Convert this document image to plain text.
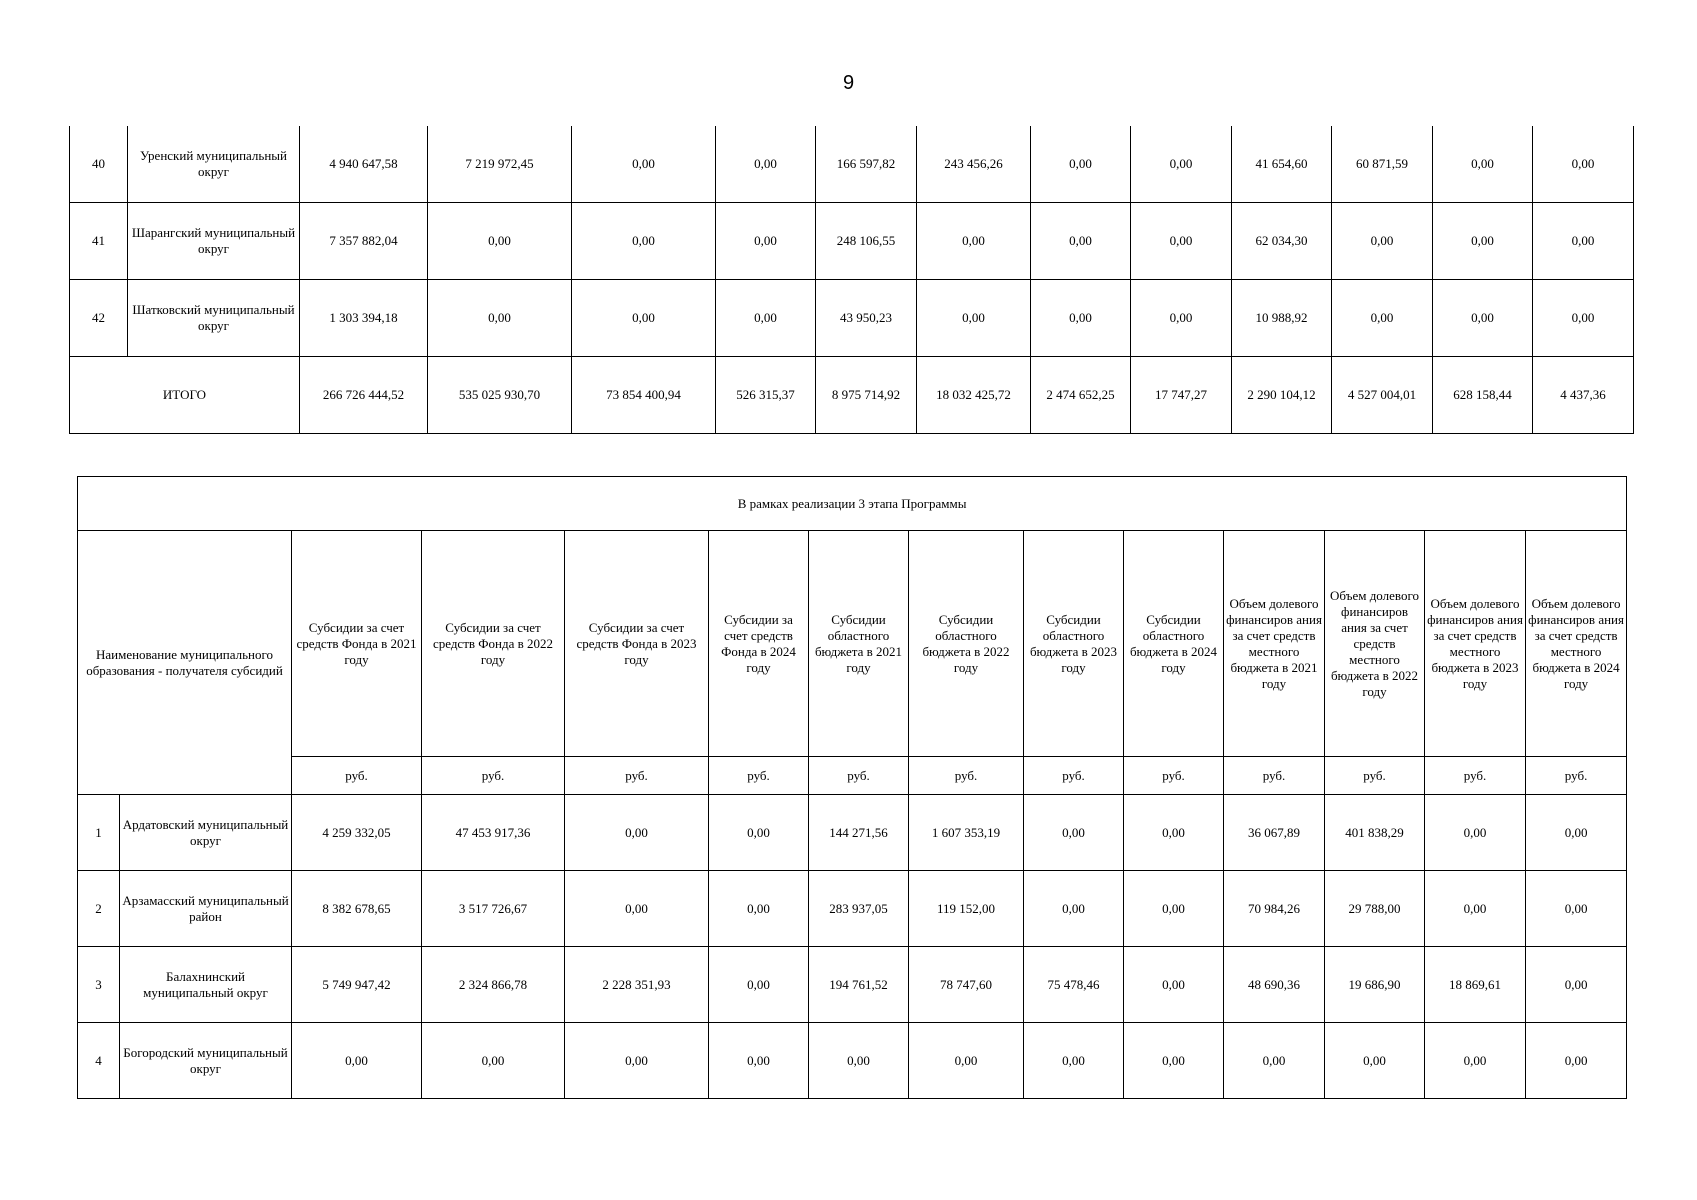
9
40	Уренский муниципальный округ	4 940 647,58	7 219 972,45	0,00	0,00	166 597,82	243 456,26	0,00	0,00	41 654,60	60 871,59	0,00	0,00
41	Шарангский муниципальный округ	7 357 882,04	0,00	0,00	0,00	248 106,55	0,00	0,00	0,00	62 034,30	0,00	0,00	0,00
42	Шатковский муниципальный округ	1 303 394,18	0,00	0,00	0,00	43 950,23	0,00	0,00	0,00	10 988,92	0,00	0,00	0,00
ИТОГО		266 726 444,52	535 025 930,70	73 854 400,94	526 315,37	8 975 714,92	18 032 425,72	2 474 652,25	17 747,27	2 290 104,12	4 527 004,01	628 158,44	4 437,36
В рамках реализации 3 этапа Программы													
Наименование муниципального образования - получателя субсидий		Субсидии за счет средств Фонда в 2021 году	Субсидии за счет средств Фонда в 2022 году	Субсидии за счет средств Фонда в 2023 году	Субсидии за счет средств Фонда в 2024 году	Субсидии областного бюджета в 2021 году	Субсидии областного бюджета в 2022 году	Субсидии областного бюджета в 2023 году	Субсидии областного бюджета в 2024 году	Объем долевого финансиров ания за счет средств местного бюджета в 2021 году	Объем долевого финансиров ания за счет средств местного бюджета в 2022 году	Объем долевого финансиров ания за счет средств местного бюджета в 2023 году	Объем долевого финансиров ания за счет средств местного бюджета в 2024 году
		руб.	руб.	руб.	руб.	руб.	руб.	руб.	руб.	руб.	руб.	руб.	руб.
1	Ардатовский муниципальный округ	4 259 332,05	47 453 917,36	0,00	0,00	144 271,56	1 607 353,19	0,00	0,00	36 067,89	401 838,29	0,00	0,00
2	Арзамасский муниципальный район	8 382 678,65	3 517 726,67	0,00	0,00	283 937,05	119 152,00	0,00	0,00	70 984,26	29 788,00	0,00	0,00
3	Балахнинский муниципальный округ	5 749 947,42	2 324 866,78	2 228 351,93	0,00	194 761,52	78 747,60	75 478,46	0,00	48 690,36	19 686,90	18 869,61	0,00
4	Богородский муниципальный округ	0,00	0,00	0,00	0,00	0,00	0,00	0,00	0,00	0,00	0,00	0,00	0,00
